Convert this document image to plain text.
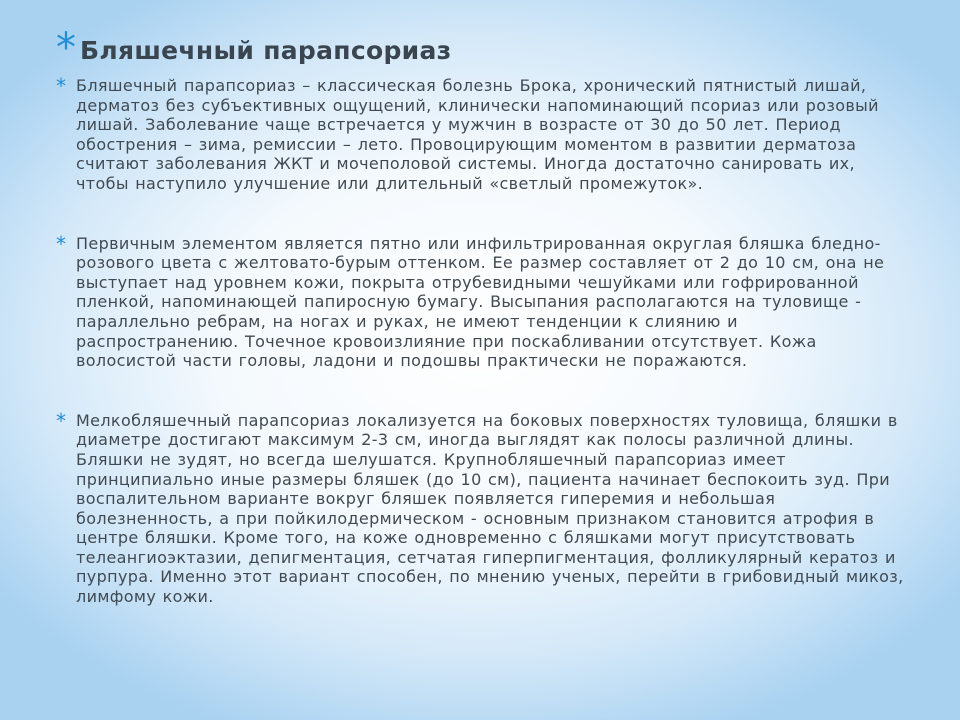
* Бляшечный парапсориаз
* Бляшечный парапсориаз – классическая болезнь Брока, хронический пятнистый лишай, дерматоз без субъективных ощущений, клинически напоминающий псориаз или розовый лишай. Заболевание чаще встречается у мужчин в возрасте от 30 до 50 лет. Период обострения – зима, ремиссии – лето. Провоцирующим моментом в развитии дерматоза считают заболевания ЖКТ и мочеполовой системы. Иногда достаточно санировать их, чтобы наступило улучшение или длительный «светлый промежуток».
* Первичным элементом является пятно или инфильтрированная округлая бляшка бледно-розового цвета с желтовато-бурым оттенком. Ее размер составляет от 2 до 10 см, она не выступает над уровнем кожи, покрыта отрубевидными чешуйками или гофрированной пленкой, напоминающей папиросную бумагу. Высыпания располагаются на туловище - параллельно ребрам, на ногах и руках, не имеют тенденции к слиянию и распространению. Точечное кровоизлияние при поскабливании отсутствует. Кожа волосистой части головы, ладони и подошвы практически не поражаются.
* Мелкобляшечный парапсориаз локализуется на боковых поверхностях туловища, бляшки в диаметре достигают максимум 2-3 см, иногда выглядят как полосы различной длины. Бляшки не зудят, но всегда шелушатся. Крупнобляшечный парапсориаз имеет принципиально иные размеры бляшек (до 10 см), пациента начинает беспокоить зуд. При воспалительном варианте вокруг бляшек появляется гиперемия и небольшая болезненность, а при пойкилодермическом - основным признаком становится атрофия в центре бляшки. Кроме того, на коже одновременно с бляшками могут присутствовать телеангиоэктазии, депигментация, сетчатая гиперпигментация, фолликулярный кератоз и пурпура. Именно этот вариант способен, по мнению ученых, перейти в грибовидный микоз, лимфому кожи.
